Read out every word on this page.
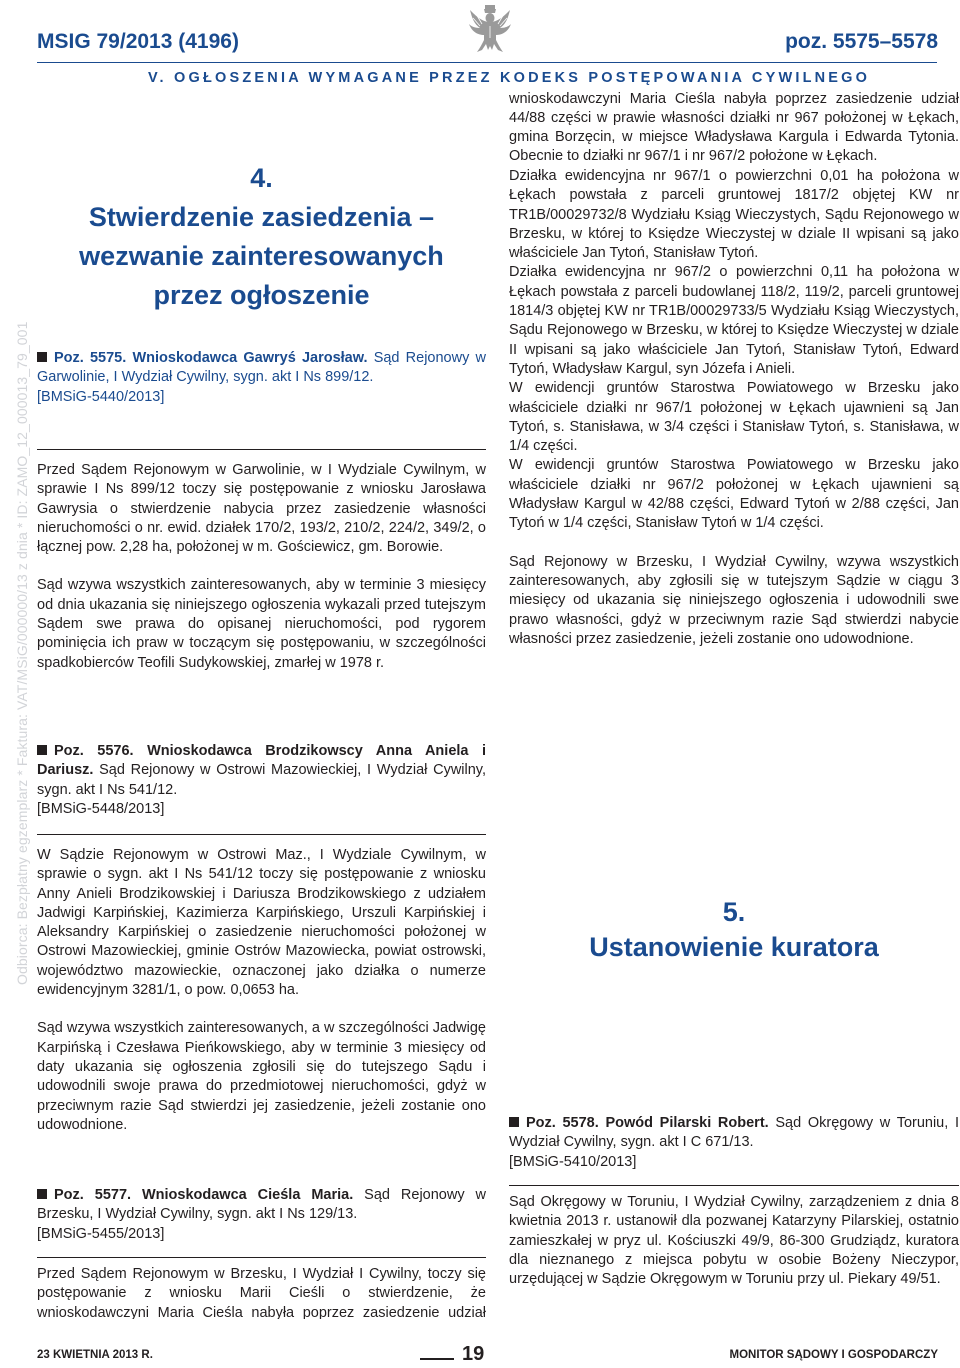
MSIG 79/2013 (4196)	poz. 5575–5578
V. OGŁOSZENIA WYMAGANE PRZEZ KODEKS POSTĘPOWANIA CYWILNEGO
Odbiorca: Bezpłatny egzemplarz * Faktura: VAT/MSiG/000000/13 z dnia * ID: ZAMO_12_000013_79_001
4.
Stwierdzenie zasiedzenia –
wezwanie zainteresowanych
przez ogłoszenie

Poz. 5575. Wnioskodawca Gawryś Jarosław. Sąd Rejonowy w Garwolinie, I Wydział Cywilny, sygn. akt I Ns 899/12.

[BMSiG-5440/2013]

Przed Sądem Rejonowym w Garwolinie, w I Wydziale Cywilnym, w sprawie I Ns 899/12 toczy się postępowanie z wniosku Jarosława Gawrysia o stwierdzenie nabycia przez zasiedzenie własności nieruchomości o nr. ewid. działek 170/2, 193/2, 210/2, 224/2, 349/2, o łącznej pow. 2,28 ha, położonej w m. Gościewicz, gm. Borowie.

Sąd wzywa wszystkich zainteresowanych, aby w terminie 3 miesięcy od dnia ukazania się niniejszego ogłoszenia wykazali przed tutejszym Sądem swe prawa do opisanej nieruchomości, pod rygorem pominięcia ich praw w toczącym się postępowaniu, w szczególności spadkobierców Teofili Sudykowskiej, zmarłej w 1978 r.

Poz. 5576. Wnioskodawca Brodzikowscy Anna Aniela i Dariusz. Sąd Rejonowy w Ostrowi Mazowieckiej, I Wydział Cywilny, sygn. akt I Ns 541/12.

[BMSiG-5448/2013]

W Sądzie Rejonowym w Ostrowi Maz., I Wydziale Cywilnym, w sprawie o sygn. akt I Ns 541/12 toczy się postępowanie z wniosku Anny Anieli Brodzikowskiej i Dariusza Brodzikowskiego z udziałem Jadwigi Karpińskiej, Kazimierza Karpińskiego, Urszuli Karpińskiej i Aleksandry Karpińskiej o zasiedzenie nieruchomości położonej w Ostrowi Mazowieckiej, gminie Ostrów Mazowiecka, powiat ostrowski, województwo mazowieckie, oznaczonej jako działka o numerze ewidencyjnym 3281/1, o pow. 0,0653 ha.

Sąd wzywa wszystkich zainteresowanych, a w szczególności Jadwigę Karpińską i Czesława Pieńkowskiego, aby w terminie 3 miesięcy od daty ukazania się ogłoszenia zgłosili się do tutejszego Sądu i udowodnili swoje prawa do przedmiotowej nieruchomości, gdyż w przeciwnym razie Sąd stwierdzi jej zasiedzenie, jeżeli zostanie ono udowodnione.

Poz. 5577. Wnioskodawca Cieśla Maria. Sąd Rejonowy w Brzesku, I Wydział Cywilny, sygn. akt I Ns 129/13.

[BMSiG-5455/2013]

Przed Sądem Rejonowym w Brzesku, I Wydział I Cywilny, toczy się postępowanie z wniosku Marii Cieśli o stwierdzenie, że wnioskodawczyni Maria Cieśla nabyła poprzez zasiedzenie udział

wnioskodawczyni Maria Cieśla nabyła poprzez zasiedzenie udział 44/88 części w prawie własności działki nr 967 położonej w Łękach, gmina Borzęcin, w miejsce Władysława Kargula i Edwarda Tytonia. Obecnie to działki nr 967/1 i nr 967/2 położone w Łękach.

Działka ewidencyjna nr 967/1 o powierzchni 0,01 ha położona w Łękach powstała z parceli gruntowej 1817/2 objętej KW nr TR1B/00029732/8 Wydziału Ksiąg Wieczystych, Sądu Rejonowego w Brzesku, w której to Księdze Wieczystej w dziale II wpisani są jako właściciele Jan Tytoń, Stanisław Tytoń.

Działka ewidencyjna nr 967/2 o powierzchni 0,11 ha położona w Łękach powstała z parceli budowlanej 118/2, 119/2, parceli gruntowej 1814/3 objętej KW nr TR1B/00029733/5 Wydziału Ksiąg Wieczystych, Sądu Rejonowego w Brzesku, w której to Księdze Wieczystej w dziale II wpisani są jako właściciele Jan Tytoń, Stanisław Tytoń, Edward Tytoń, Władysław Kargul, syn Józefa i Anieli.

W ewidencji gruntów Starostwa Powiatowego w Brzesku jako właściciele działki nr 967/1 położonej w Łękach ujawnieni są Jan Tytoń, s. Stanisława, w 3/4 części i Stanisław Tytoń, s. Stanisława, w 1/4 części.

W ewidencji gruntów Starostwa Powiatowego w Brzesku jako właściciele działki nr 967/2 położonej w Łękach ujawnieni są Władysław Kargul w 42/88 części, Edward Tytoń w 2/88 części, Jan Tytoń w 1/4 części, Stanisław Tytoń w 1/4 części.

Sąd Rejonowy w Brzesku, I Wydział Cywilny, wzywa wszystkich zainteresowanych, aby zgłosili się w tutejszym Sądzie w ciągu 3 miesięcy od ukazania się niniejszego ogłoszenia i udowodnili swe prawo własności, gdyż w przeciwnym razie Sąd stwierdzi nabycie własności przez zasiedzenie, jeżeli zostanie ono udowodnione.

5.
Ustanowienie kuratora

Poz. 5578. Powód Pilarski Robert. Sąd Okręgowy w Toruniu, I Wydział Cywilny, sygn. akt I C 671/13.

[BMSiG-5410/2013]

Sąd Okręgowy w Toruniu, I Wydział Cywilny, zarządzeniem z dnia 8 kwietnia 2013 r. ustanowił dla pozwanej Katarzyny Pilarskiej, ostatnio zamieszkałej w pryz ul. Kościuszki 49/9, 86-300 Grudziądz, kuratora dla nieznanego z miejsca pobytu w osobie Bożeny Nieczypor, urzędującej w Sądzie Okręgowym w Toruniu przy ul. Piekary 49/51.

23 KWIETNIA 2013 R.	19	MONITOR SĄDOWY I GOSPODARCZY
